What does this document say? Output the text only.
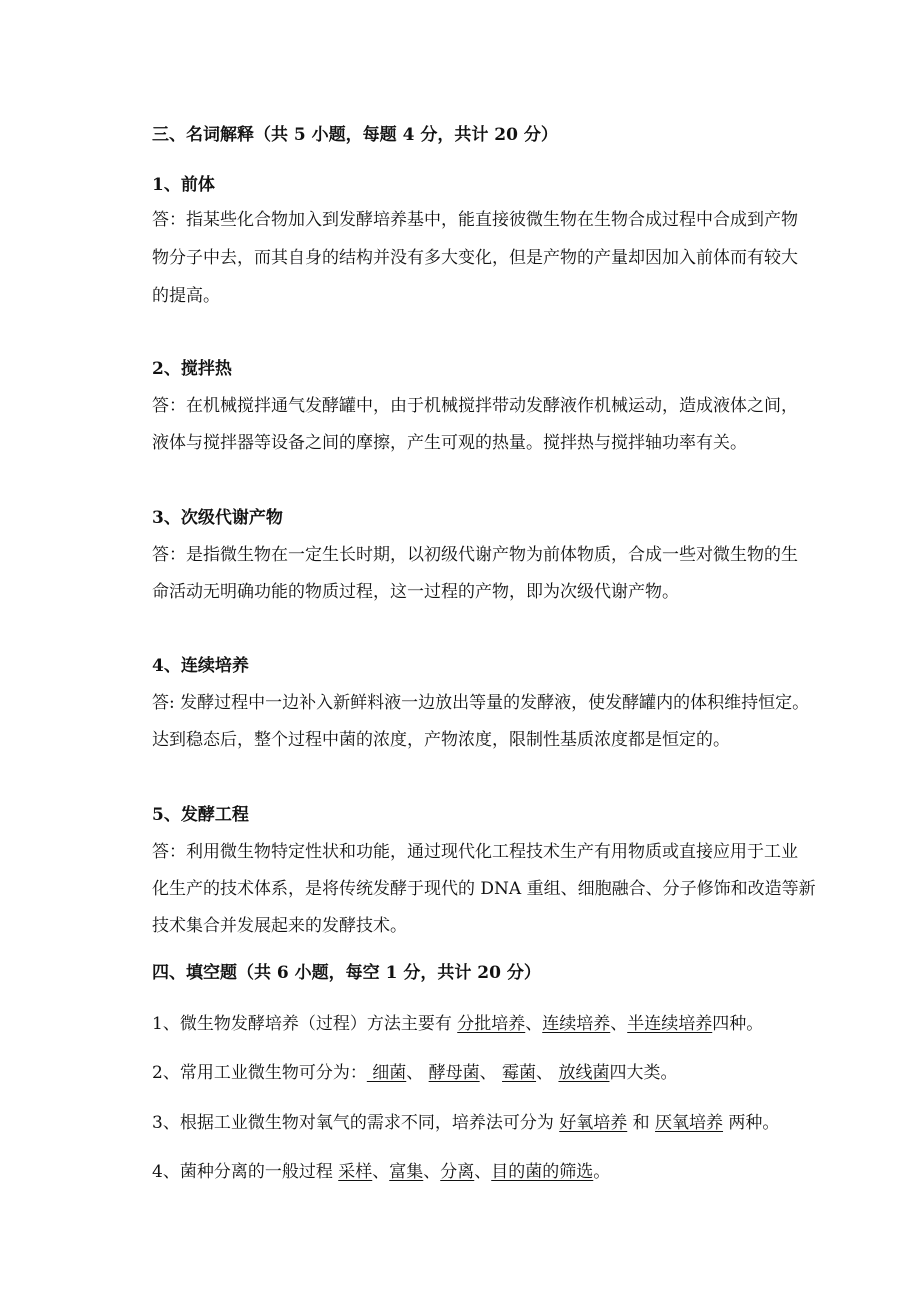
三、名词解释（共 5 小题，每题 4 分，共计 20 分）
1、前体
答：指某些化合物加入到发酵培养基中，能直接彼微生物在生物合成过程中合成到产物
物分子中去，而其自身的结构并没有多大变化，但是产物的产量却因加入前体而有较大
的提高。
2、搅拌热
答：在机械搅拌通气发酵罐中，由于机械搅拌带动发酵液作机械运动，造成液体之间，
液体与搅拌器等设备之间的摩擦，产生可观的热量。搅拌热与搅拌轴功率有关。
3、次级代谢产物
答：是指微生物在一定生长时期，以初级代谢产物为前体物质，合成一些对微生物的生
命活动无明确功能的物质过程，这一过程的产物，即为次级代谢产物。
4、连续培养
答: 发酵过程中一边补入新鲜料液一边放出等量的发酵液，使发酵罐内的体积维持恒定。
达到稳态后，整个过程中菌的浓度，产物浓度，限制性基质浓度都是恒定的。
5、发酵工程
答：利用微生物特定性状和功能，通过现代化工程技术生产有用物质或直接应用于工业
化生产的技术体系，是将传统发酵于现代的 DNA 重组、细胞融合、分子修饰和改造等新
技术集合并发展起来的发酵技术。
四、填空题（共 6 小题，每空 1 分，共计 20 分）
1、微生物发酵培养（过程）方法主要有 分批培养、连续培养、半连续培养四种。
2、常用工业微生物可分为： 细菌、 酵母菌、 霉菌、 放线菌四大类。
3、根据工业微生物对氧气的需求不同，培养法可分为 好氧培养 和 厌氧培养 两种。
4、菌种分离的一般过程 采样、富集、分离、目的菌的筛选。
